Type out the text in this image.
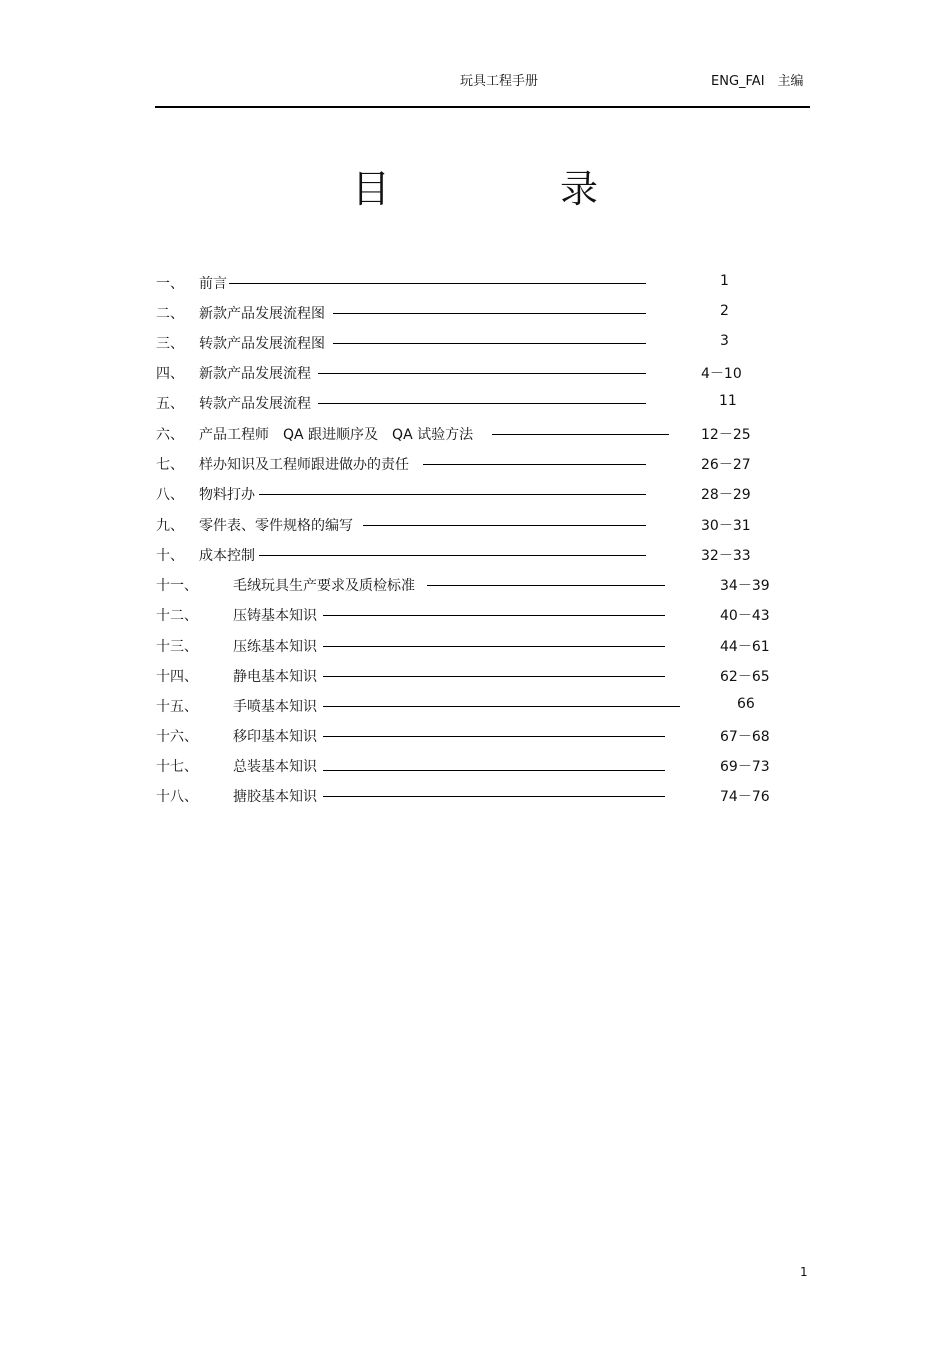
玩具工程手册	ENG_FAI　主编
目	录
一、 前言	1
二、 新款产品发展流程图	2
三、 转款产品发展流程图	3
四、 新款产品发展流程	4－10
五、 转款产品发展流程	11
六、 产品工程师　QA 跟进顺序及　QA 试验方法	12－25
七、 样办知识及工程师跟进做办的责任	26－27
八、 物料打办	28－29
九、 零件表、零件规格的编写	30－31
十、 成本控制	32－33
十一、	毛绒玩具生产要求及质检标准	34－39
十二、	压铸基本知识	40－43
十三、	压练基本知识	44－61
十四、	静电基本知识	62－65
十五、	手喷基本知识	66
十六、	移印基本知识	67－68
十七、	总装基本知识	69－73
十八、	搪胶基本知识	74－76
1
